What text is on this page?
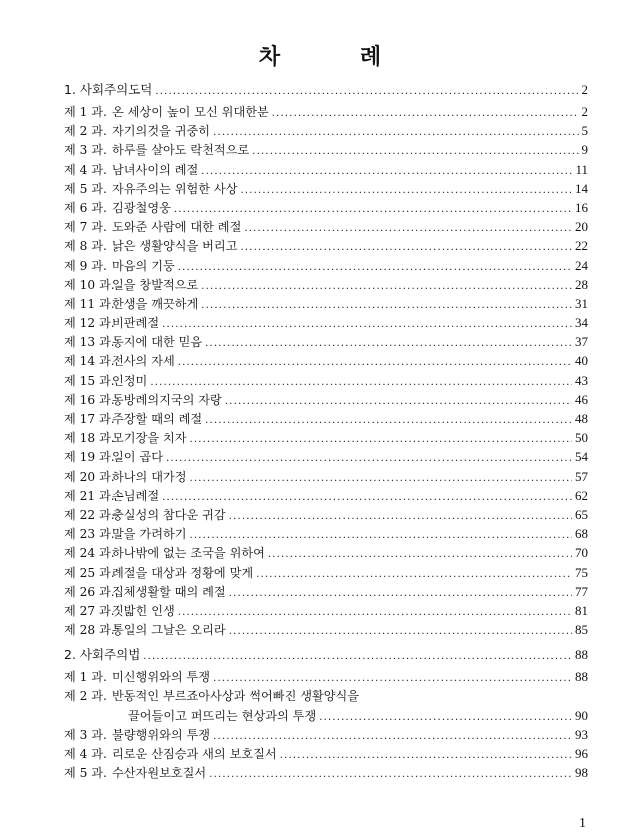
차 례
1. 사회주의도덕 .....	2
제 1 과. 온 세상이 높이 모신 위대한분 .....	2
제 2 과. 자기의것을 귀중히 .....	5
제 3 과. 하루를 살아도 락천적으로 .....	9
제 4 과. 남녀사이의 례절 .....	11
제 5 과. 자유주의는 위험한 사상 .....	14
제 6 과. 김광철영웅 .....	16
제 7 과. 도와준 사람에 대한 례절 .....	20
제 8 과. 낡은 생활양식을 버리고 .....	22
제 9 과. 마음의 기둥 .....	24
제 10 과.일을 창발적으로 .....	28
제 11 과.한생을 깨끗하게 .....	31
제 12 과.비판례절 .....	34
제 13 과.동지에 대한 믿음 .....	37
제 14 과.전사의 자세 .....	40
제 15 과.인정미 .....	43
제 16 과.동방례의지국의 자랑 .....	46
제 17 과.주장할 때의 례절 .....	48
제 18 과.모기장을 치자 .....	50
제 19 과.일이 곱다 .....	54
제 20 과.하나의 대가정 .....	57
제 21 과.손님례절 .....	62
제 22 과.충실성의 참다운 귀감 .....	65
제 23 과.말을 가려하기 .....	68
제 24 과.하나밖에 없는 조국을 위하여 .....	70
제 25 과.례절을 대상과 정황에 맞게 .....	75
제 26 과.집체생활할 때의 례절 .....	77
제 27 과.짓밟힌 인생 .....	81
제 28 과.통일의 그날은 오리라 .....	85
2. 사회주의법 .....	88
제 1 과. 미신행위와의 투쟁 .....	88
제 2 과. 반동적인 부르죠아사상과 썩어빠진 생활양식을
끌어들이고 퍼뜨리는 현상과의 투쟁 .....	90
제 3 과. 불량행위와의 투쟁 .....	93
제 4 과. 리로운 산짐승과 새의 보호질서 .....	96
제 5 과. 수산자원보호질서 .....	98
1
